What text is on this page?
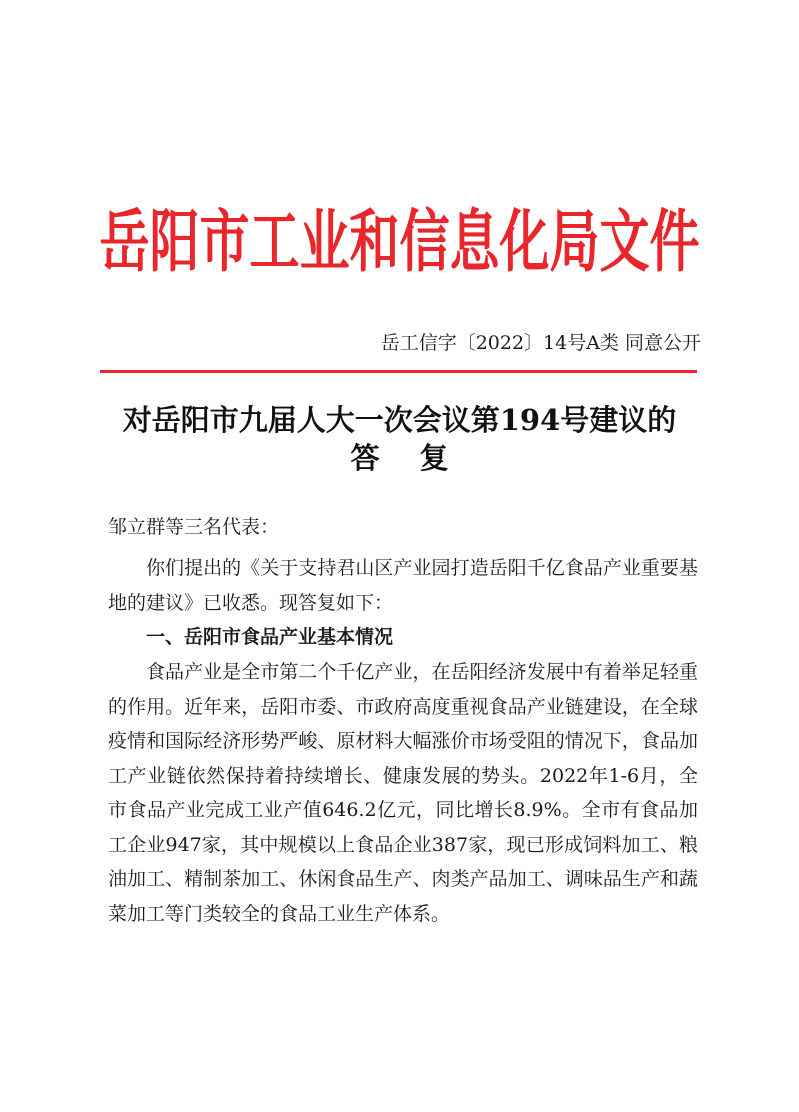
岳阳市工业和信息化局文件
岳工信字〔2022〕14号A类 同意公开
对岳阳市九届人大一次会议第194号建议的
答复
邹立群等三名代表：

你们提出的《关于支持君山区产业园打造岳阳千亿食品产业重要基地的建议》已收悉。现答复如下：

一、岳阳市食品产业基本情况

食品产业是全市第二个千亿产业，在岳阳经济发展中有着举足轻重的作用。近年来，岳阳市委、市政府高度重视食品产业链建设，在全球疫情和国际经济形势严峻、原材料大幅涨价市场受阻的情况下，食品加工产业链依然保持着持续增长、健康发展的势头。2022年1-6月，全市食品产业完成工业产值646.2亿元，同比增长8.9%。全市有食品加工企业947家，其中规模以上食品企业387家，现已形成饲料加工、粮油加工、精制茶加工、休闲食品生产、肉类产品加工、调味品生产和蔬菜加工等门类较全的食品工业生产体系。
